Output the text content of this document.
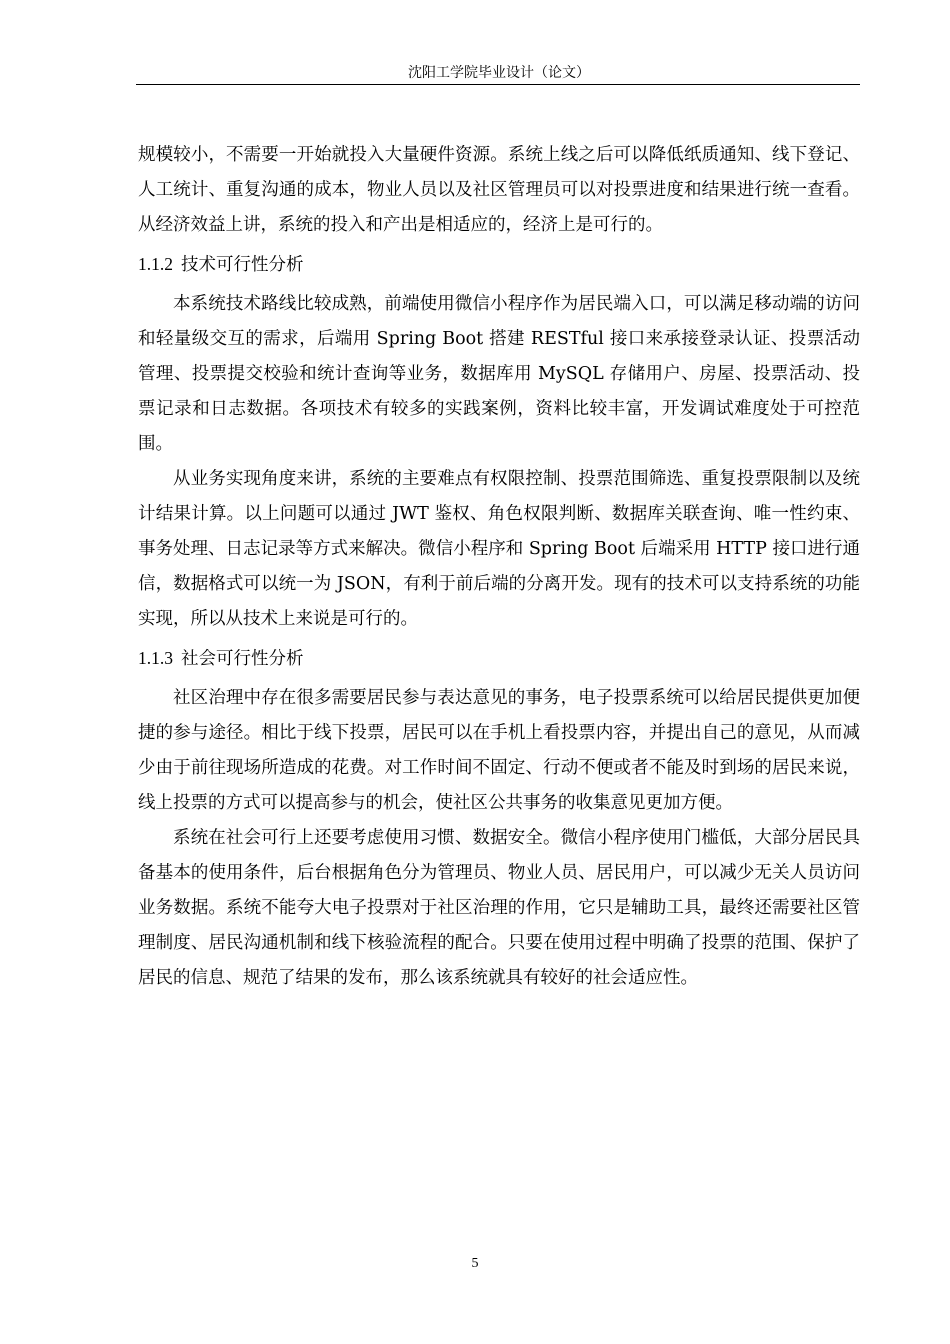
沈阳工学院毕业设计（论文）

规模较小，不需要一开始就投入大量硬件资源。系统上线之后可以降低纸质通知、线下登记、人工统计、重复沟通的成本，物业人员以及社区管理员可以对投票进度和结果进行统一查看。从经济效益上讲，系统的投入和产出是相适应的，经济上是可行的。

1.1.2 技术可行性分析

本系统技术路线比较成熟，前端使用微信小程序作为居民端入口，可以满足移动端的访问和轻量级交互的需求，后端用 Spring Boot 搭建 RESTful 接口来承接登录认证、投票活动管理、投票提交校验和统计查询等业务，数据库用 MySQL 存储用户、房屋、投票活动、投票记录和日志数据。各项技术有较多的实践案例，资料比较丰富，开发调试难度处于可控范围。

从业务实现角度来讲，系统的主要难点有权限控制、投票范围筛选、重复投票限制以及统计结果计算。以上问题可以通过 JWT 鉴权、角色权限判断、数据库关联查询、唯一性约束、事务处理、日志记录等方式来解决。微信小程序和 Spring Boot 后端采用 HTTP 接口进行通信，数据格式可以统一为 JSON，有利于前后端的分离开发。现有的技术可以支持系统的功能实现，所以从技术上来说是可行的。

1.1.3 社会可行性分析

社区治理中存在很多需要居民参与表达意见的事务，电子投票系统可以给居民提供更加便捷的参与途径。相比于线下投票，居民可以在手机上看投票内容，并提出自己的意见，从而减少由于前往现场所造成的花费。对工作时间不固定、行动不便或者不能及时到场的居民来说，线上投票的方式可以提高参与的机会，使社区公共事务的收集意见更加方便。

系统在社会可行上还要考虑使用习惯、数据安全。微信小程序使用门槛低，大部分居民具备基本的使用条件，后台根据角色分为管理员、物业人员、居民用户，可以减少无关人员访问业务数据。系统不能夸大电子投票对于社区治理的作用，它只是辅助工具，最终还需要社区管理制度、居民沟通机制和线下核验流程的配合。只要在使用过程中明确了投票的范围、保护了居民的信息、规范了结果的发布，那么该系统就具有较好的社会适应性。

5
